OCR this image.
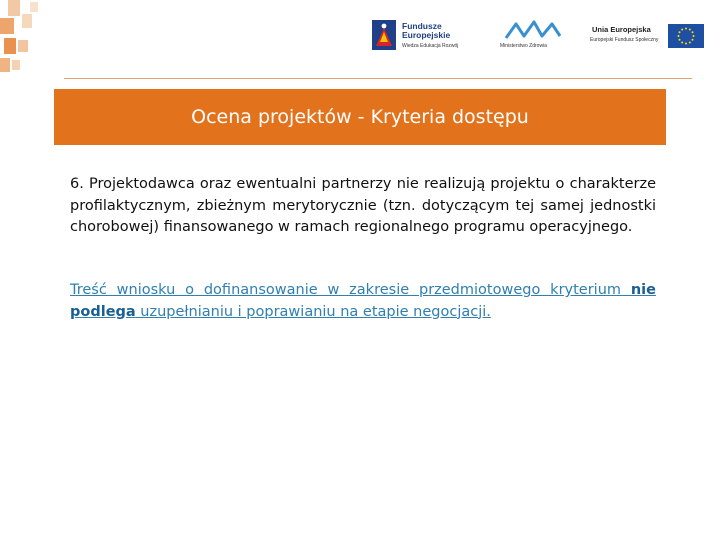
Fundusze
Europejskie
Wiedza Edukacja Rozwój	Ministerstwo Zdrowia
Unia Europejska
Europejski Fundusz Społeczny
Ocena projektów - Kryteria dostępu

6. Projektodawca oraz ewentualni partnerzy nie realizują projektu o charakterze profilaktycznym, zbieżnym merytorycznie (tzn. dotyczącym tej samej jednostki chorobowej) finansowanego w ramach regionalnego programu operacyjnego.

Treść wniosku o dofinansowanie w zakresie przedmiotowego kryterium nie podlega uzupełnianiu i poprawianiu na etapie negocjacji.
